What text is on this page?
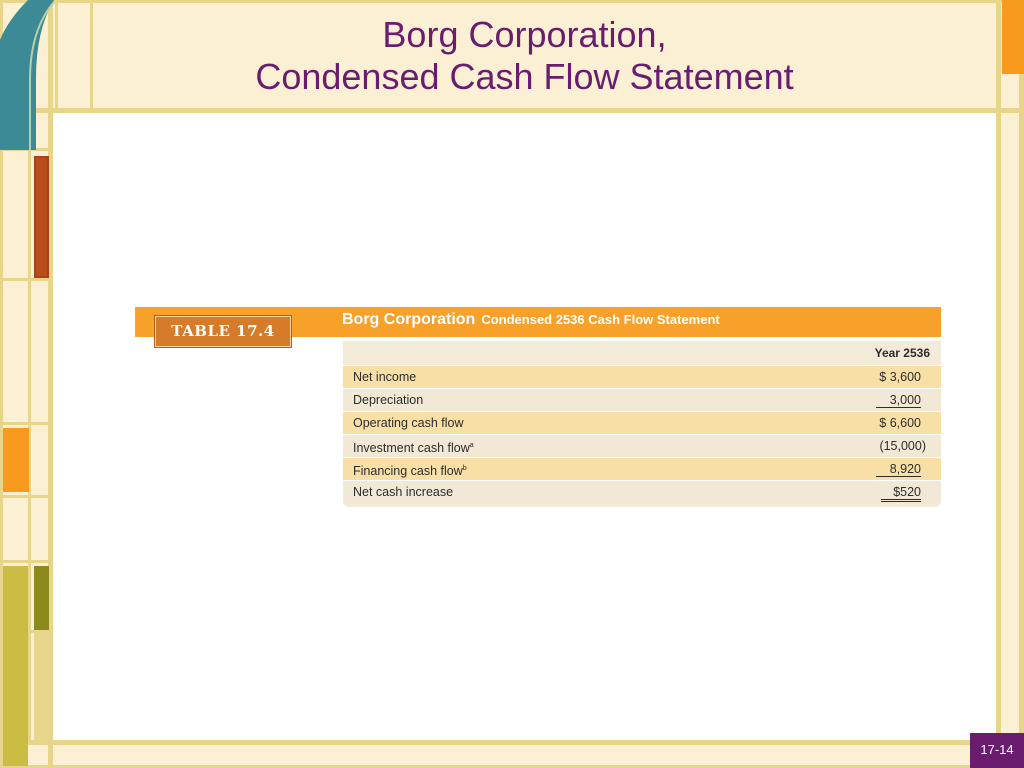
Borg Corporation,
Condensed Cash Flow Statement
TABLE 17.4
Borg Corporation Condensed 2536 Cash Flow Statement
Year 2536
Net income	$ 3,600
Depreciation	3,000
Operating cash flow	$ 6,600
Investment cash flow$^a$	(15,000)
Financing cash flow$^b$	8,920
Net cash increase	$520
17-14
